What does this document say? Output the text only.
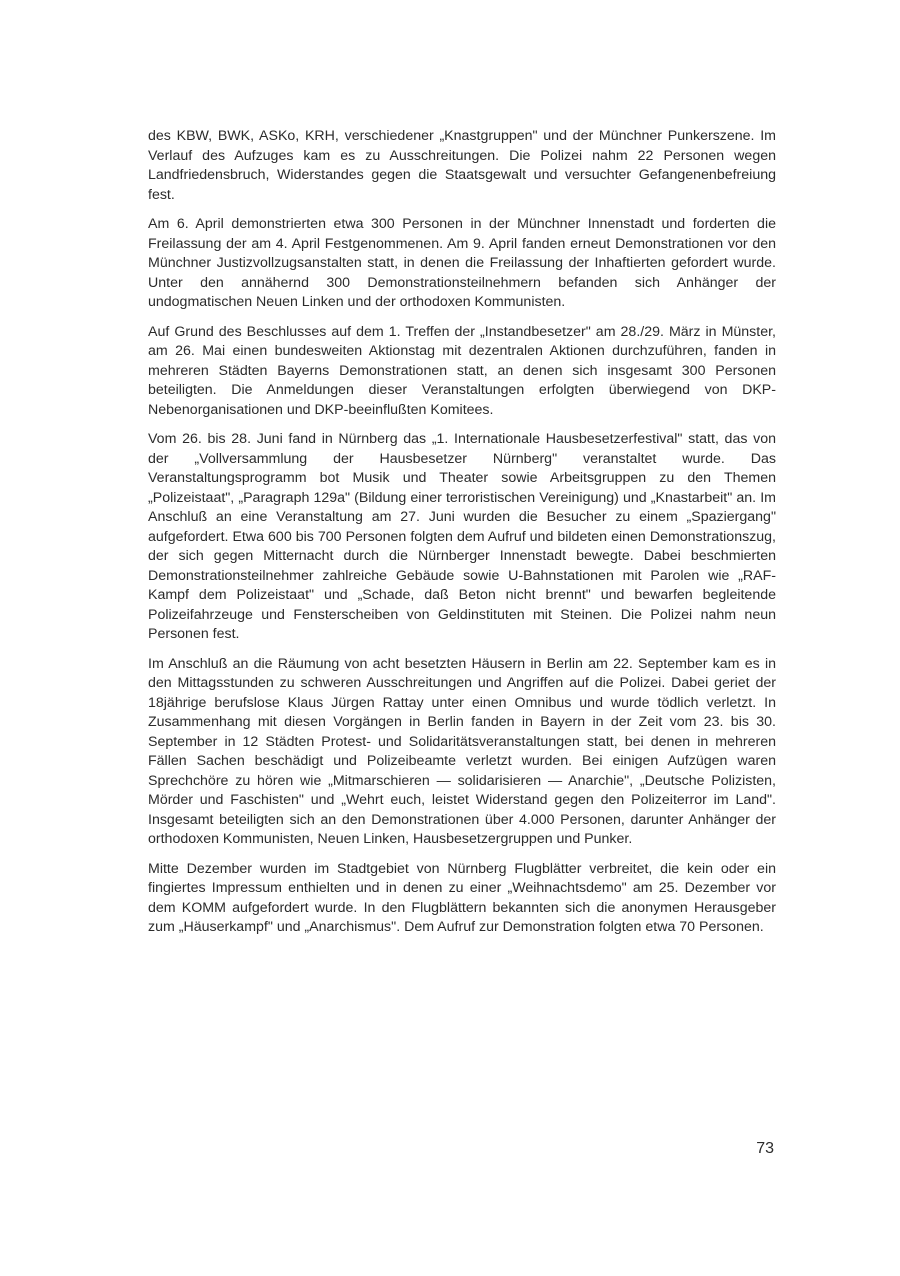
des KBW, BWK, ASKo, KRH, verschiedener „Knastgruppen" und der Münchner Punkerszene. Im Verlauf des Aufzuges kam es zu Ausschreitungen. Die Polizei nahm 22 Personen wegen Landfriedensbruch, Widerstandes gegen die Staatsgewalt und versuchter Gefangenenbefreiung fest.

Am 6. April demonstrierten etwa 300 Personen in der Münchner Innenstadt und forderten die Freilassung der am 4. April Festgenommenen. Am 9. April fanden erneut Demonstrationen vor den Münchner Justizvollzugsanstalten statt, in denen die Freilassung der Inhaftierten gefordert wurde. Unter den annähernd 300 Demonstrationsteilnehmern befanden sich Anhänger der undogmatischen Neuen Linken und der orthodoxen Kommunisten.

Auf Grund des Beschlusses auf dem 1. Treffen der „Instandbesetzer" am 28./29. März in Münster, am 26. Mai einen bundesweiten Aktionstag mit dezentralen Aktionen durchzuführen, fanden in mehreren Städten Bayerns Demonstrationen statt, an denen sich insgesamt 300 Personen beteiligten. Die Anmeldungen dieser Veranstaltungen erfolgten überwiegend von DKP-Nebenorganisationen und DKP-beeinflußten Komitees.

Vom 26. bis 28. Juni fand in Nürnberg das „1. Internationale Hausbesetzerfestival" statt, das von der „Vollversammlung der Hausbesetzer Nürnberg" veranstaltet wurde. Das Veranstaltungsprogramm bot Musik und Theater sowie Arbeitsgruppen zu den Themen „Polizeistaat", „Paragraph 129a" (Bildung einer terroristischen Vereinigung) und „Knastarbeit" an. Im Anschluß an eine Veranstaltung am 27. Juni wurden die Besucher zu einem „Spaziergang" aufgefordert. Etwa 600 bis 700 Personen folgten dem Aufruf und bildeten einen Demonstrationszug, der sich gegen Mitternacht durch die Nürnberger Innenstadt bewegte. Dabei beschmierten Demonstrationsteilnehmer zahlreiche Gebäude sowie U-Bahnstationen mit Parolen wie „RAF-Kampf dem Polizeistaat" und „Schade, daß Beton nicht brennt" und bewarfen begleitende Polizeifahrzeuge und Fensterscheiben von Geldinstituten mit Steinen. Die Polizei nahm neun Personen fest.

Im Anschluß an die Räumung von acht besetzten Häusern in Berlin am 22. September kam es in den Mittagsstunden zu schweren Ausschreitungen und Angriffen auf die Polizei. Dabei geriet der 18jährige berufslose Klaus Jürgen Rattay unter einen Omnibus und wurde tödlich verletzt. In Zusammenhang mit diesen Vorgängen in Berlin fanden in Bayern in der Zeit vom 23. bis 30. September in 12 Städten Protest- und Solidaritätsveranstaltungen statt, bei denen in mehreren Fällen Sachen beschädigt und Polizeibeamte verletzt wurden. Bei einigen Aufzügen waren Sprechchöre zu hören wie „Mitmarschieren — solidarisieren — Anarchie", „Deutsche Polizisten, Mörder und Faschisten" und „Wehrt euch, leistet Widerstand gegen den Polizeiterror im Land". Insgesamt beteiligten sich an den Demonstrationen über 4.000 Personen, darunter Anhänger der orthodoxen Kommunisten, Neuen Linken, Hausbesetzergruppen und Punker.

Mitte Dezember wurden im Stadtgebiet von Nürnberg Flugblätter verbreitet, die kein oder ein fingiertes Impressum enthielten und in denen zu einer „Weihnachtsdemo" am 25. Dezember vor dem KOMM aufgefordert wurde. In den Flugblättern bekannten sich die anonymen Herausgeber zum „Häuserkampf" und „Anarchismus". Dem Aufruf zur Demonstration folgten etwa 70 Personen.

73
